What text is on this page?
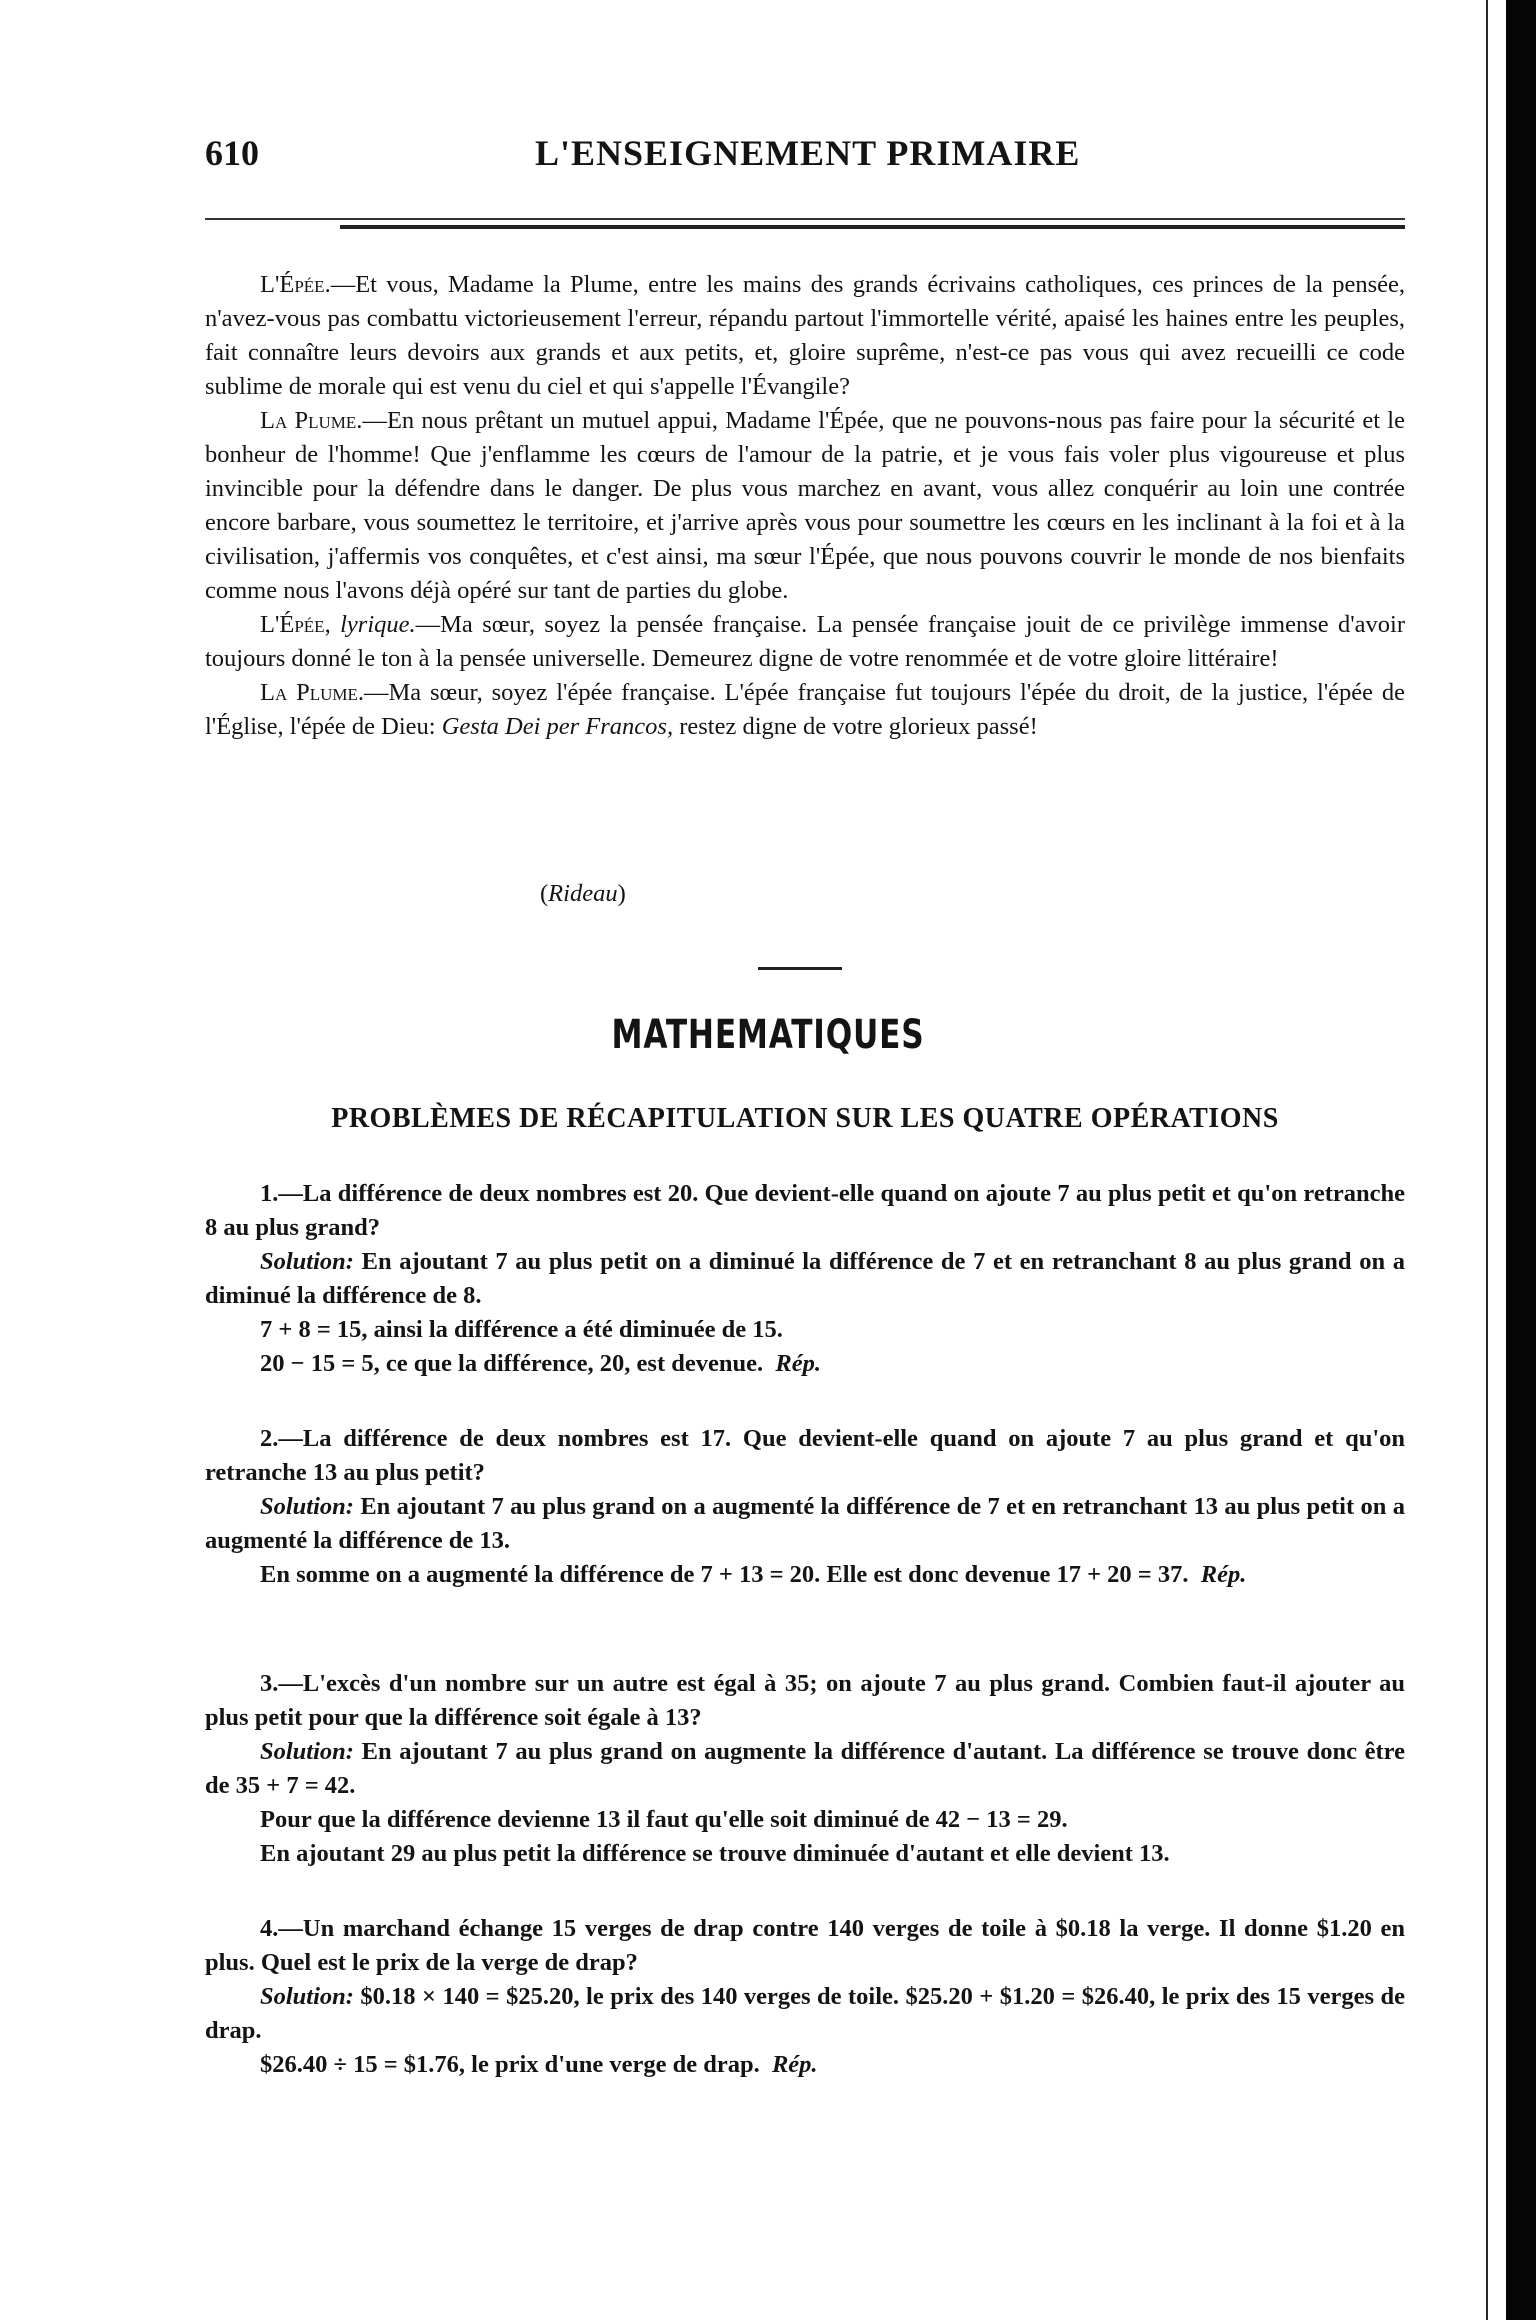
610	L'ENSEIGNEMENT PRIMAIRE

L'Épée.—Et vous, Madame la Plume, entre les mains des grands écrivains catholiques, ces princes de la pensée, n'avez-vous pas combattu victorieusement l'erreur, répandu partout l'immortelle vérité, apaisé les haines entre les peuples, fait connaître leurs devoirs aux grands et aux petits, et, gloire suprême, n'est-ce pas vous qui avez recueilli ce code sublime de morale qui est venu du ciel et qui s'appelle l'Évangile?

La Plume.—En nous prêtant un mutuel appui, Madame l'Épée, que ne pouvons-nous pas faire pour la sécurité et le bonheur de l'homme! Que j'enflamme les cœurs de l'amour de la patrie, et je vous fais voler plus vigoureuse et plus invincible pour la défendre dans le danger. De plus vous marchez en avant, vous allez conquérir au loin une contrée encore barbare, vous soumettez le territoire, et j'arrive après vous pour soumettre les cœurs en les inclinant à la foi et à la civilisation, j'affermis vos conquêtes, et c'est ainsi, ma sœur l'Épée, que nous pouvons couvrir le monde de nos bienfaits comme nous l'avons déjà opéré sur tant de parties du globe.

L'Épée, lyrique.—Ma sœur, soyez la pensée française. La pensée française jouit de ce privilège immense d'avoir toujours donné le ton à la pensée universelle. Demeurez digne de votre renommée et de votre gloire littéraire!

La Plume.—Ma sœur, soyez l'épée française. L'épée française fut toujours l'épée du droit, de la justice, l'épée de l'Église, l'épée de Dieu: Gesta Dei per Francos, restez digne de votre glorieux passé!

(Rideau)
MATHEMATIQUES
PROBLÈMES DE RÉCAPITULATION SUR LES QUATRE OPÉRATIONS

1.—La différence de deux nombres est 20. Que devient-elle quand on ajoute 7 au plus petit et qu'on retranche 8 au plus grand?

Solution: En ajoutant 7 au plus petit on a diminué la différence de 7 et en retranchant 8 au plus grand on a diminué la différence de 8.

7 + 8 = 15, ainsi la différence a été diminuée de 15.

20 − 15 = 5, ce que la différence, 20, est devenue. Rép.

2.—La différence de deux nombres est 17. Que devient-elle quand on ajoute 7 au plus grand et qu'on retranche 13 au plus petit?

Solution: En ajoutant 7 au plus grand on a augmenté la différence de 7 et en retranchant 13 au plus petit on a augmenté la différence de 13.

En somme on a augmenté la différence de 7 + 13 = 20. Elle est donc devenue 17 + 20 = 37. Rép.

3.—L'excès d'un nombre sur un autre est égal à 35; on ajoute 7 au plus grand. Combien faut-il ajouter au plus petit pour que la différence soit égale à 13?

Solution: En ajoutant 7 au plus grand on augmente la différence d'autant. La différence se trouve donc être de 35 + 7 = 42.

Pour que la différence devienne 13 il faut qu'elle soit diminué de 42 − 13 = 29.

En ajoutant 29 au plus petit la différence se trouve diminuée d'autant et elle devient 13.

4.—Un marchand échange 15 verges de drap contre 140 verges de toile à $0.18 la verge. Il donne $1.20 en plus. Quel est le prix de la verge de drap?

Solution: $0.18 × 140 = $25.20, le prix des 140 verges de toile. $25.20 + $1.20 = $26.40, le prix des 15 verges de drap.

$26.40 ÷ 15 = $1.76, le prix d'une verge de drap. Rép.
